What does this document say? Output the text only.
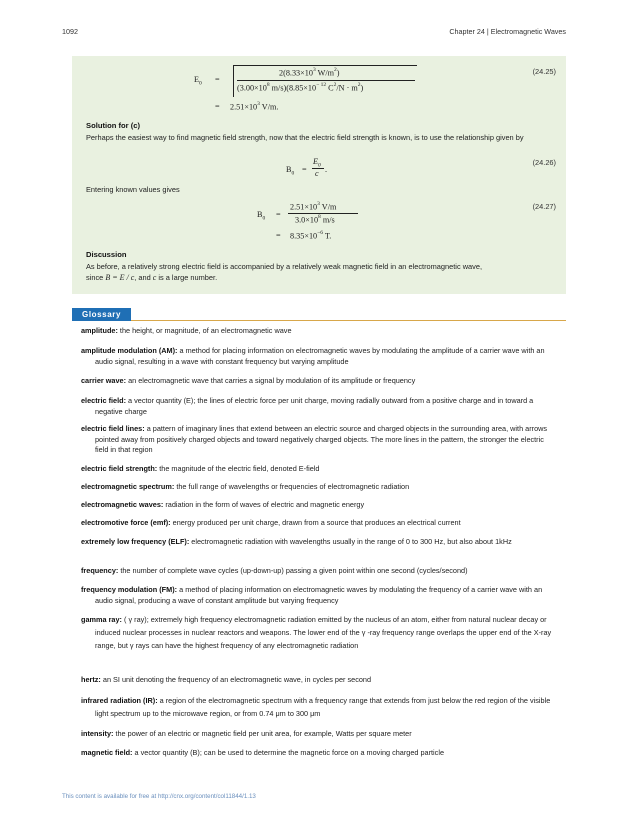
1092	Chapter 24 | Electromagnetic Waves
(24.25)
$E_0$ =
$2(8.33\times 10^3$ $W/m^2$)
($3.00\times 10^8$ $m/s)(8.85\times 10^{- 12}$ $C^2/N \cdot m^2$)
= $2.51\times 10^3$ V/m.
Solution for (c)
Perhaps the easiest way to find magnetic field strength, now that the electric field strength is known, is to use the relationship given by
(24.26)
$B_0$ =
$E_0$
c .
Entering known values gives
(24.27)
$B_0$ =
$2.51\times 10^3$ V/m
$3.0\times 10^8$ m/s
= $8.35\times 10^{-6}$ T.
Discussion
As before, a relatively strong electric field is accompanied by a relatively weak magnetic field in an electromagnetic wave,
since B = E / c, and c is a large number.
Glossary
amplitude: the height, or magnitude, of an electromagnetic wave
amplitude modulation (AM): a method for placing information on electromagnetic waves by modulating the amplitude of a carrier wave with an audio signal, resulting in a wave with constant frequency but varying amplitude
carrier wave: an electromagnetic wave that carries a signal by modulation of its amplitude or frequency
electric field: a vector quantity (E); the lines of electric force per unit charge, moving radially outward from a positive charge and in toward a negative charge
electric field lines: a pattern of imaginary lines that extend between an electric source and charged objects in the surrounding area, with arrows pointed away from positively charged objects and toward negatively charged objects. The more lines in the pattern, the stronger the electric field in that region
electric field strength: the magnitude of the electric field, denoted E-field
electromagnetic spectrum: the full range of wavelengths or frequencies of electromagnetic radiation
electromagnetic waves: radiation in the form of waves of electric and magnetic energy
electromotive force (emf): energy produced per unit charge, drawn from a source that produces an electrical current
extremely low frequency (ELF): electromagnetic radiation with wavelengths usually in the range of 0 to 300 Hz, but also about 1kHz
frequency: the number of complete wave cycles (up-down-up) passing a given point within one second (cycles/second)
frequency modulation (FM): a method of placing information on electromagnetic waves by modulating the frequency of a carrier wave with an audio signal, producing a wave of constant amplitude but varying frequency
gamma ray: ( γ ray); extremely high frequency electromagnetic radiation emitted by the nucleus of an atom, either from natural nuclear decay or induced nuclear processes in nuclear reactors and weapons. The lower end of the γ -ray frequency range overlaps the upper end of the X-ray range, but γ rays can have the highest frequency of any electromagnetic radiation
hertz: an SI unit denoting the frequency of an electromagnetic wave, in cycles per second
infrared radiation (IR): a region of the electromagnetic spectrum with a frequency range that extends from just below the red region of the visible light spectrum up to the microwave region, or from 0.74 μm to 300 μm
intensity: the power of an electric or magnetic field per unit area, for example, Watts per square meter
magnetic field: a vector quantity (B); can be used to determine the magnetic force on a moving charged particle
This content is available for free at http://cnx.org/content/col11844/1.13
